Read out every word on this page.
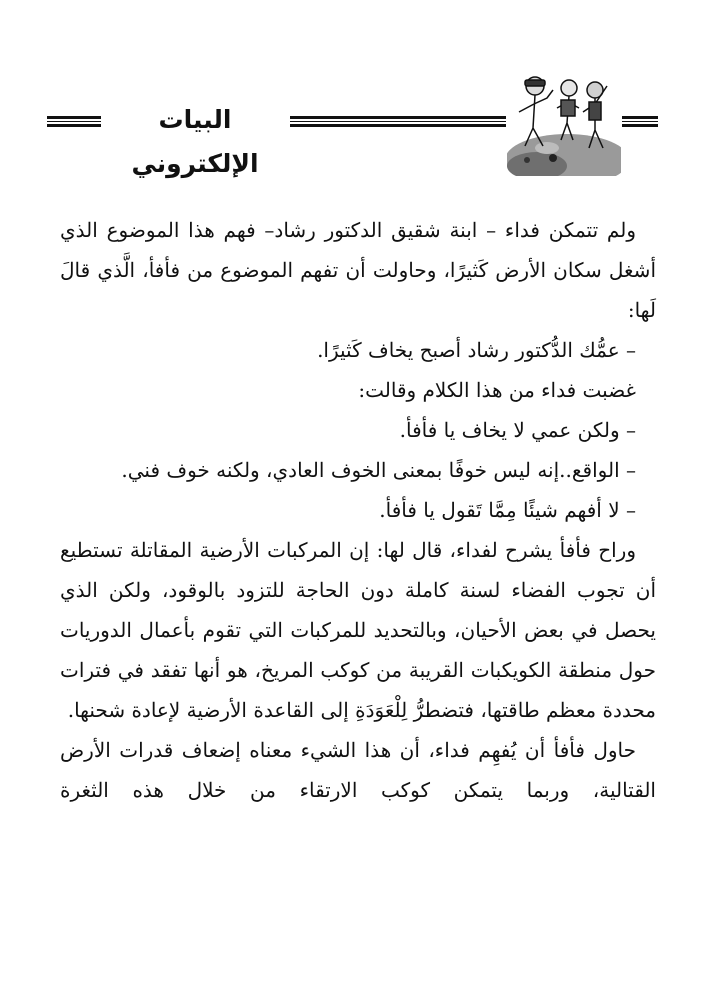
البيات الإلكتروني

ولم تتمكن فداء – ابنة شقيق الدكتور رشاد– فهم هذا الموضوع الذي أشغل سكان الأرض كَثيرًا، وحاولت أن تفهم الموضوع من فأفأ، الَّذي قالَ لَها:

– عمُّك الدُّكتور رشاد أصبح يخاف كَثيرًا.

غضبت فداء من هذا الكلام وقالت:

– ولكن عمي لا يخاف يا فأفأ.

– الواقع..إنه ليس خوفًا بمعنى الخوف العادي، ولكنه خوف فني.

– لا أفهم شيئًا مِمَّا تَقول يا فأفأ.

وراح فأفأ يشرح لفداء، قال لها: إن المركبات الأرضية المقاتلة تستطيع أن تجوب الفضاء لسنة كاملة دون الحاجة للتزود بالوقود، ولكن الذي يحصل في بعض الأحيان، وبالتحديد للمركبات التي تقوم بأعمال الدوريات حول منطقة الكويكبات القريبة من كوكب المريخ، هو أنها تفقد في فترات محددة معظم طاقتها، فتضطرُّ لِلْعَوَدَةِ إلى القاعدة الأرضية لإعادة شحنها.

حاول فأفأ أن يُفهِم فداء، أن هذا الشيء معناه إضعاف قدرات الأرض القتالية، وربما يتمكن كوكب الارتقاء من خلال هذه الثغرة
